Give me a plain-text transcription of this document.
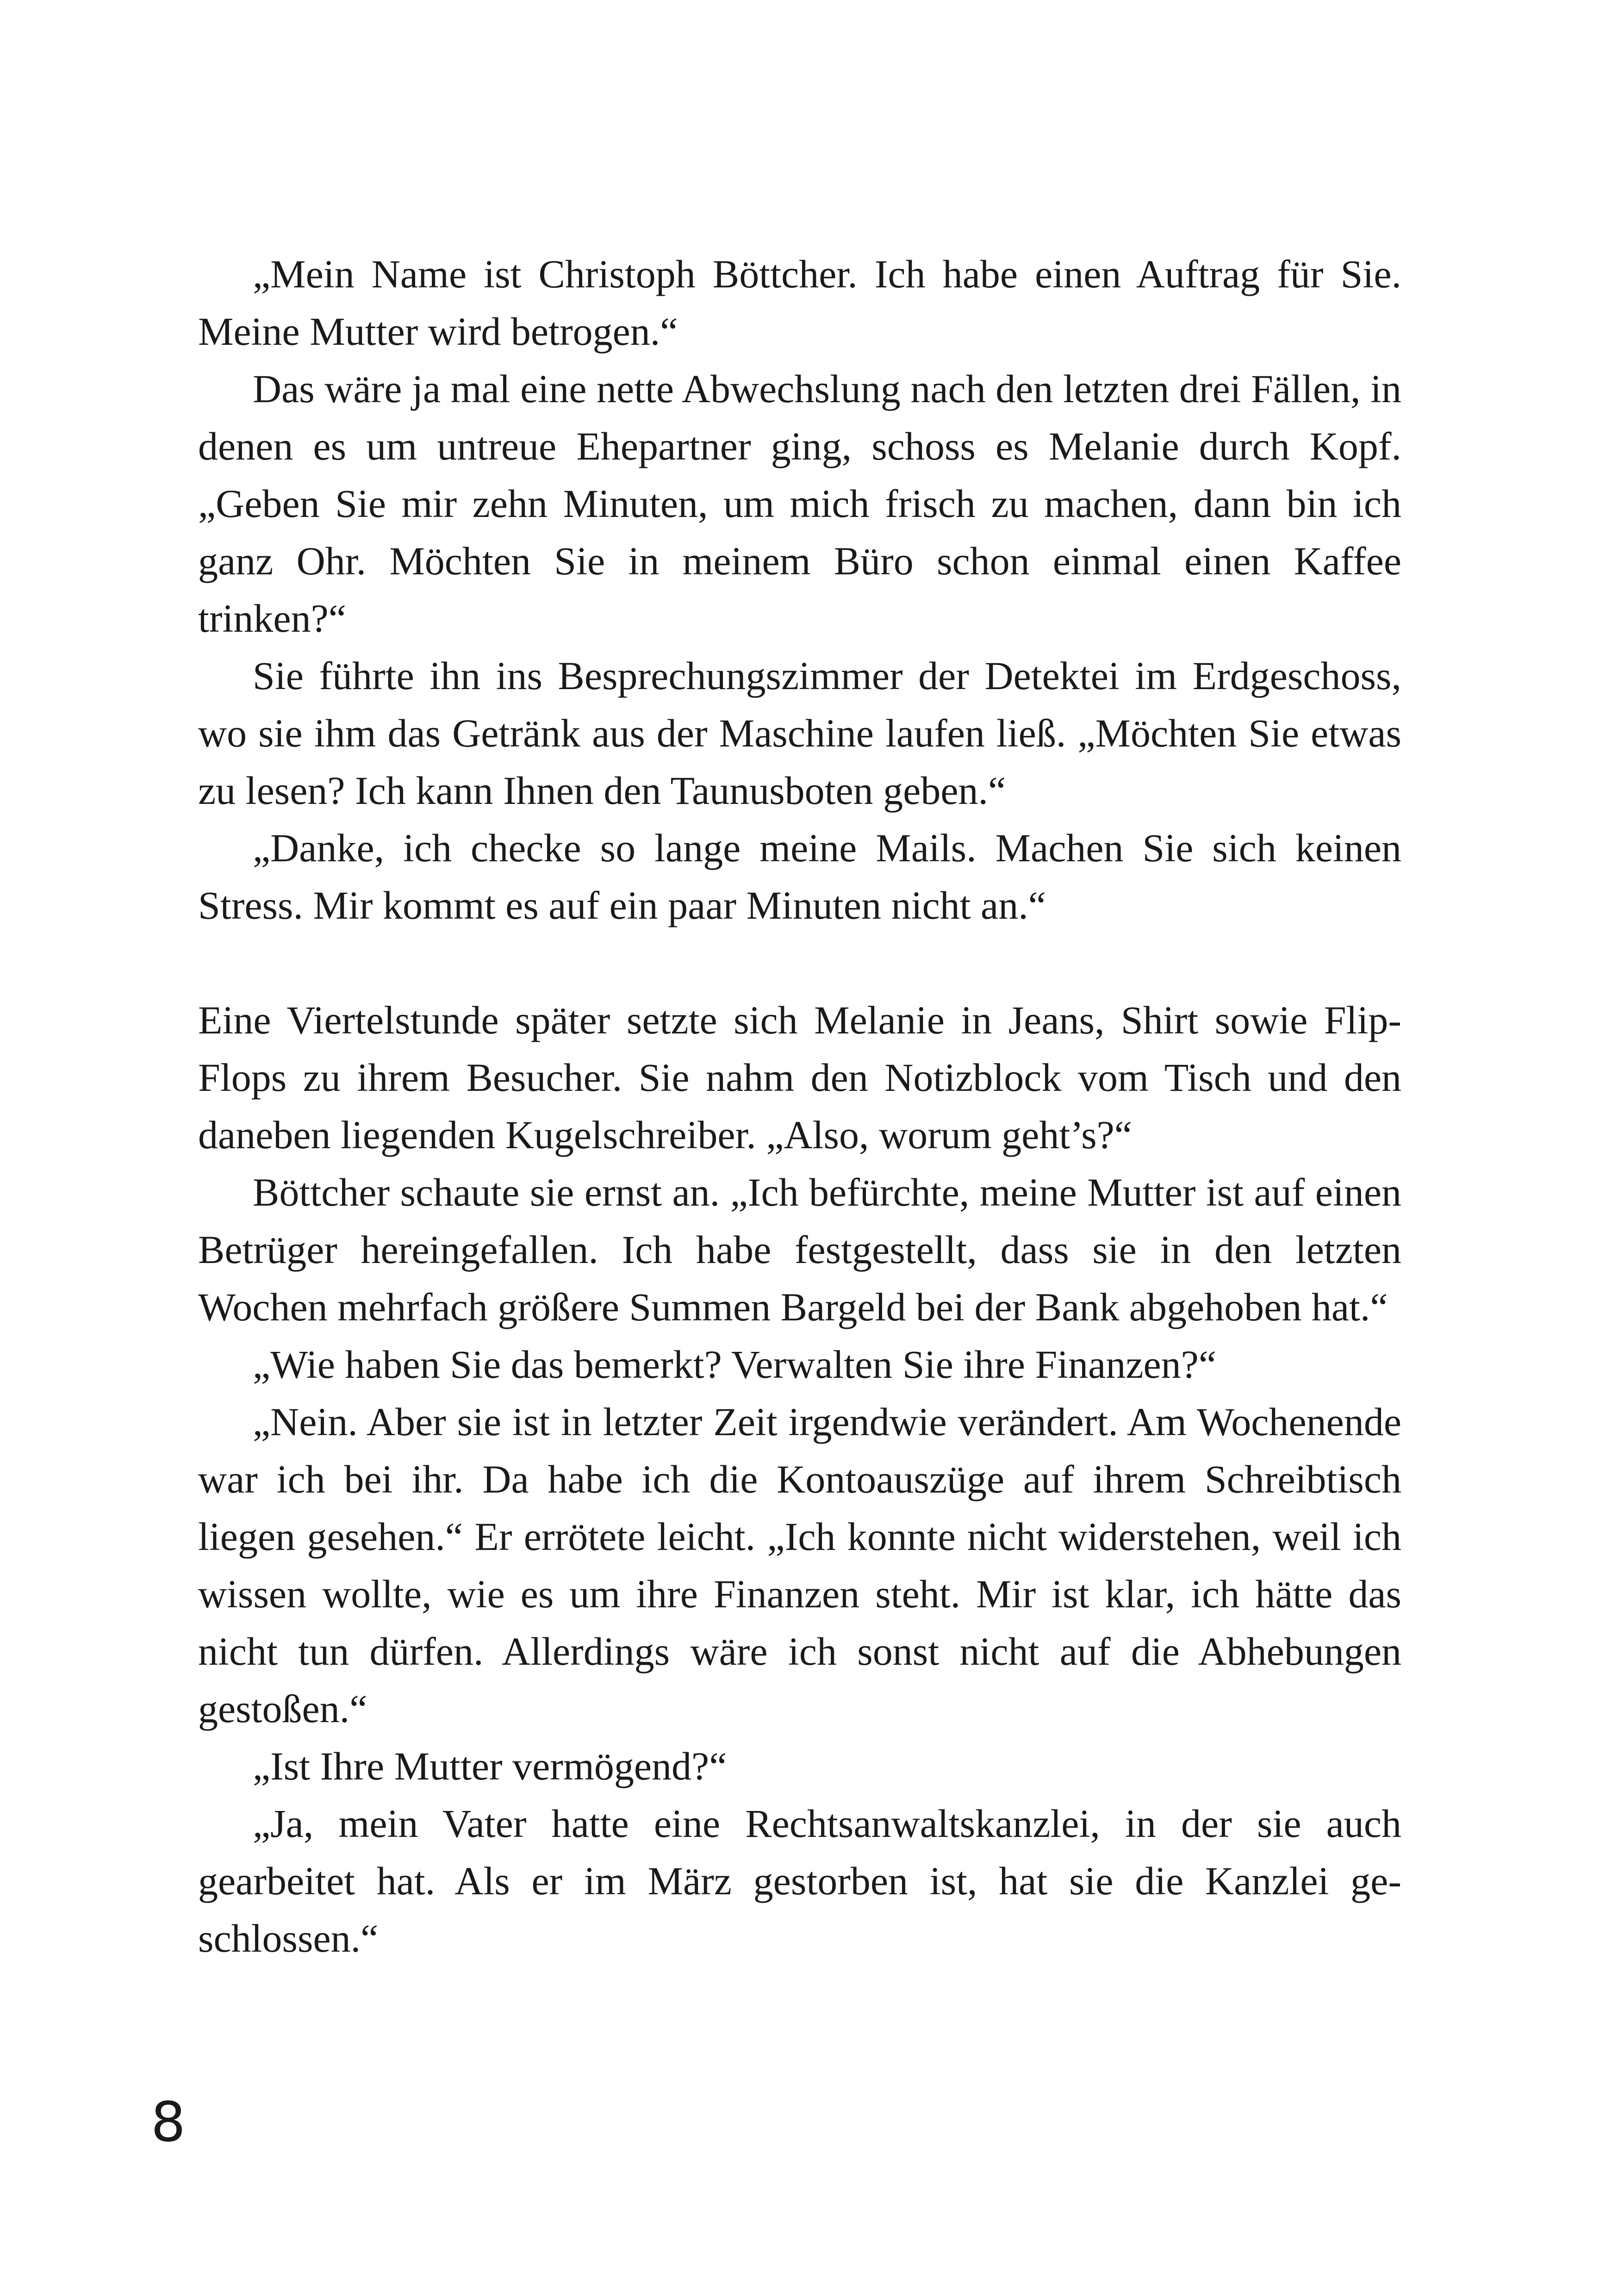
„Mein Name ist Christoph Böttcher. Ich habe einen Auftrag für Sie. Meine Mutter wird betrogen.“

Das wäre ja mal eine nette Abwechslung nach den letzten drei Fällen, in denen es um untreue Ehepartner ging, schoss es Melanie durch Kopf. „Geben Sie mir zehn Minuten, um mich frisch zu machen, dann bin ich ganz Ohr. Möchten Sie in meinem Büro schon einmal einen Kaffee trinken?“

Sie führte ihn ins Besprechungszimmer der Detektei im Erdgeschoss, wo sie ihm das Getränk aus der Maschine laufen ließ. „Möchten Sie etwas zu lesen? Ich kann Ihnen den Taunusboten geben.“

„Danke, ich checke so lange meine Mails. Machen Sie sich keinen Stress. Mir kommt es auf ein paar Minuten nicht an.“

Eine Viertelstunde später setzte sich Melanie in Jeans, Shirt sowie Flip-Flops zu ihrem Besucher. Sie nahm den Notizblock vom Tisch und den daneben liegenden Kugelschreiber. „Also, worum geht’s?“

Böttcher schaute sie ernst an. „Ich befürchte, meine Mutter ist auf einen Betrüger hereingefallen. Ich habe festgestellt, dass sie in den letzten Wochen mehrfach größere Summen Bargeld bei der Bank abgehoben hat.“

„Wie haben Sie das bemerkt? Verwalten Sie ihre Finanzen?“

„Nein. Aber sie ist in letzter Zeit irgendwie verändert. Am Wochenende war ich bei ihr. Da habe ich die Kontoauszüge auf ihrem Schreibtisch liegen gesehen.“ Er errötete leicht. „Ich konnte nicht widerstehen, weil ich wissen wollte, wie es um ihre Finanzen steht. Mir ist klar, ich hätte das nicht tun dürfen. Allerdings wäre ich sonst nicht auf die Abhebungen gestoßen.“

„Ist Ihre Mutter vermögend?“

„Ja, mein Vater hatte eine Rechtsanwaltskanzlei, in der sie auch gearbeitet hat. Als er im März gestorben ist, hat sie die Kanzlei geschlossen.“

8
